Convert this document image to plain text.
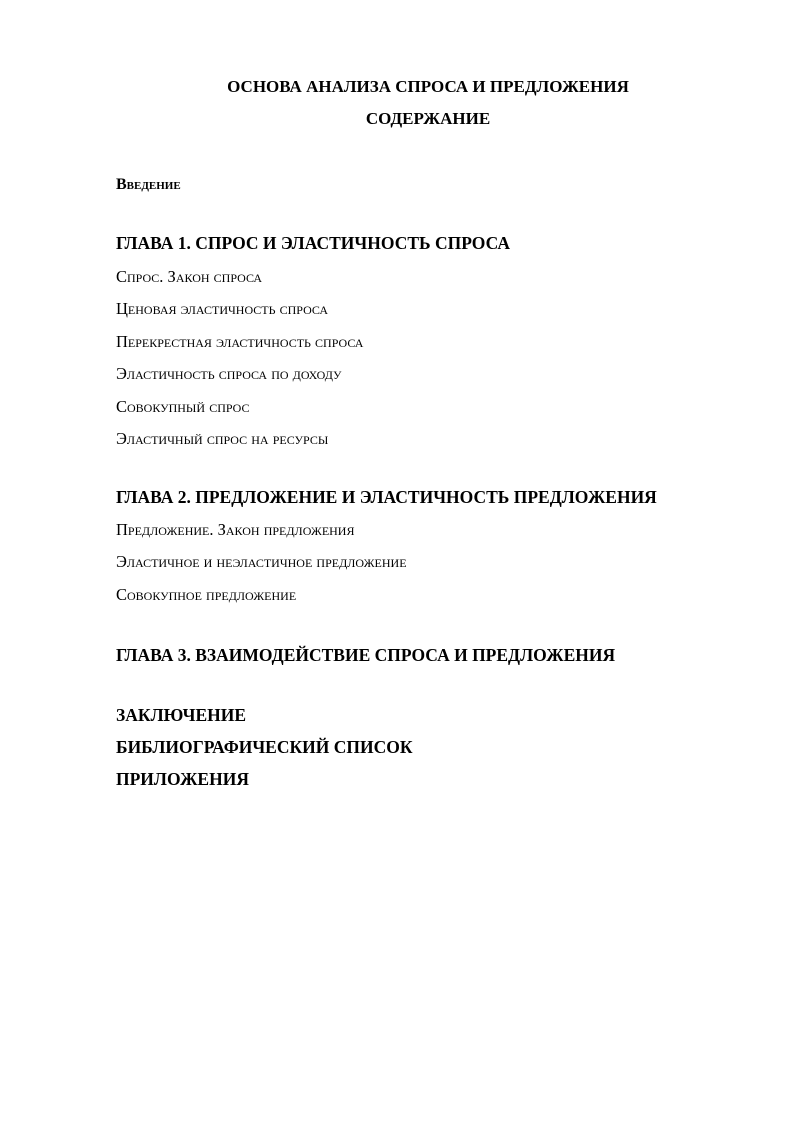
ОСНОВА АНАЛИЗА СПРОСА И ПРЕДЛОЖЕНИЯ
СОДЕРЖАНИЕ
Введение
ГЛАВА 1. СПРОС И ЭЛАСТИЧНОСТЬ СПРОСА
Спрос. Закон спроса
Ценовая эластичность спроса
Перекрестная эластичность спроса
Эластичность спроса по доходу
Совокупный спрос
Эластичный спрос на ресурсы
ГЛАВА 2. ПРЕДЛОЖЕНИЕ И ЭЛАСТИЧНОСТЬ ПРЕДЛОЖЕНИЯ
Предложение. Закон предложения
Эластичное и неэластичное предложение
Совокупное предложение
ГЛАВА 3. ВЗАИМОДЕЙСТВИЕ СПРОСА И ПРЕДЛОЖЕНИЯ
ЗАКЛЮЧЕНИЕ
БИБЛИОГРАФИЧЕСКИЙ СПИСОК
ПРИЛОЖЕНИЯ
